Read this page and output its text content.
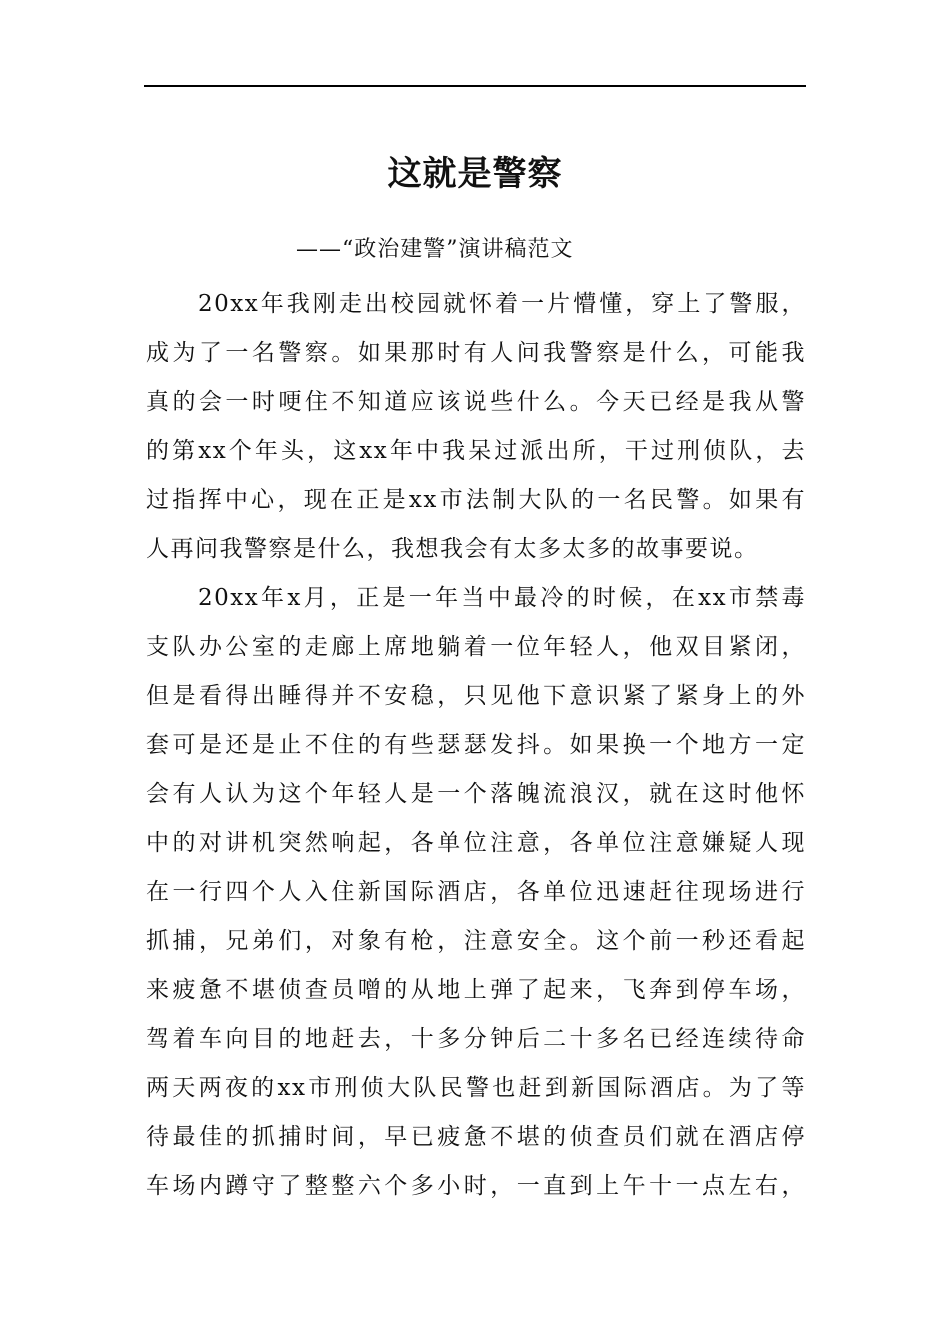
这就是警察
——“政治建警”演讲稿范文
20xx年我刚走出校园就怀着一片懵懂，穿上了警服，
成为了一名警察。如果那时有人问我警察是什么，可能我
真的会一时哽住不知道应该说些什么。今天已经是我从警
的第xx个年头，这xx年中我呆过派出所，干过刑侦队，去
过指挥中心，现在正是xx市法制大队的一名民警。如果有
人再问我警察是什么，我想我会有太多太多的故事要说。
20xx年x月，正是一年当中最冷的时候，在xx市禁毒
支队办公室的走廊上席地躺着一位年轻人，他双目紧闭，
但是看得出睡得并不安稳，只见他下意识紧了紧身上的外
套可是还是止不住的有些瑟瑟发抖。如果换一个地方一定
会有人认为这个年轻人是一个落魄流浪汉，就在这时他怀
中的对讲机突然响起，各单位注意，各单位注意嫌疑人现
在一行四个人入住新国际酒店，各单位迅速赶往现场进行
抓捕，兄弟们，对象有枪，注意安全。这个前一秒还看起
来疲惫不堪侦查员噌的从地上弹了起来，飞奔到停车场，
驾着车向目的地赶去，十多分钟后二十多名已经连续待命
两天两夜的xx市刑侦大队民警也赶到新国际酒店。为了等
待最佳的抓捕时间，早已疲惫不堪的侦查员们就在酒店停
车场内蹲守了整整六个多小时，一直到上午十一点左右，
